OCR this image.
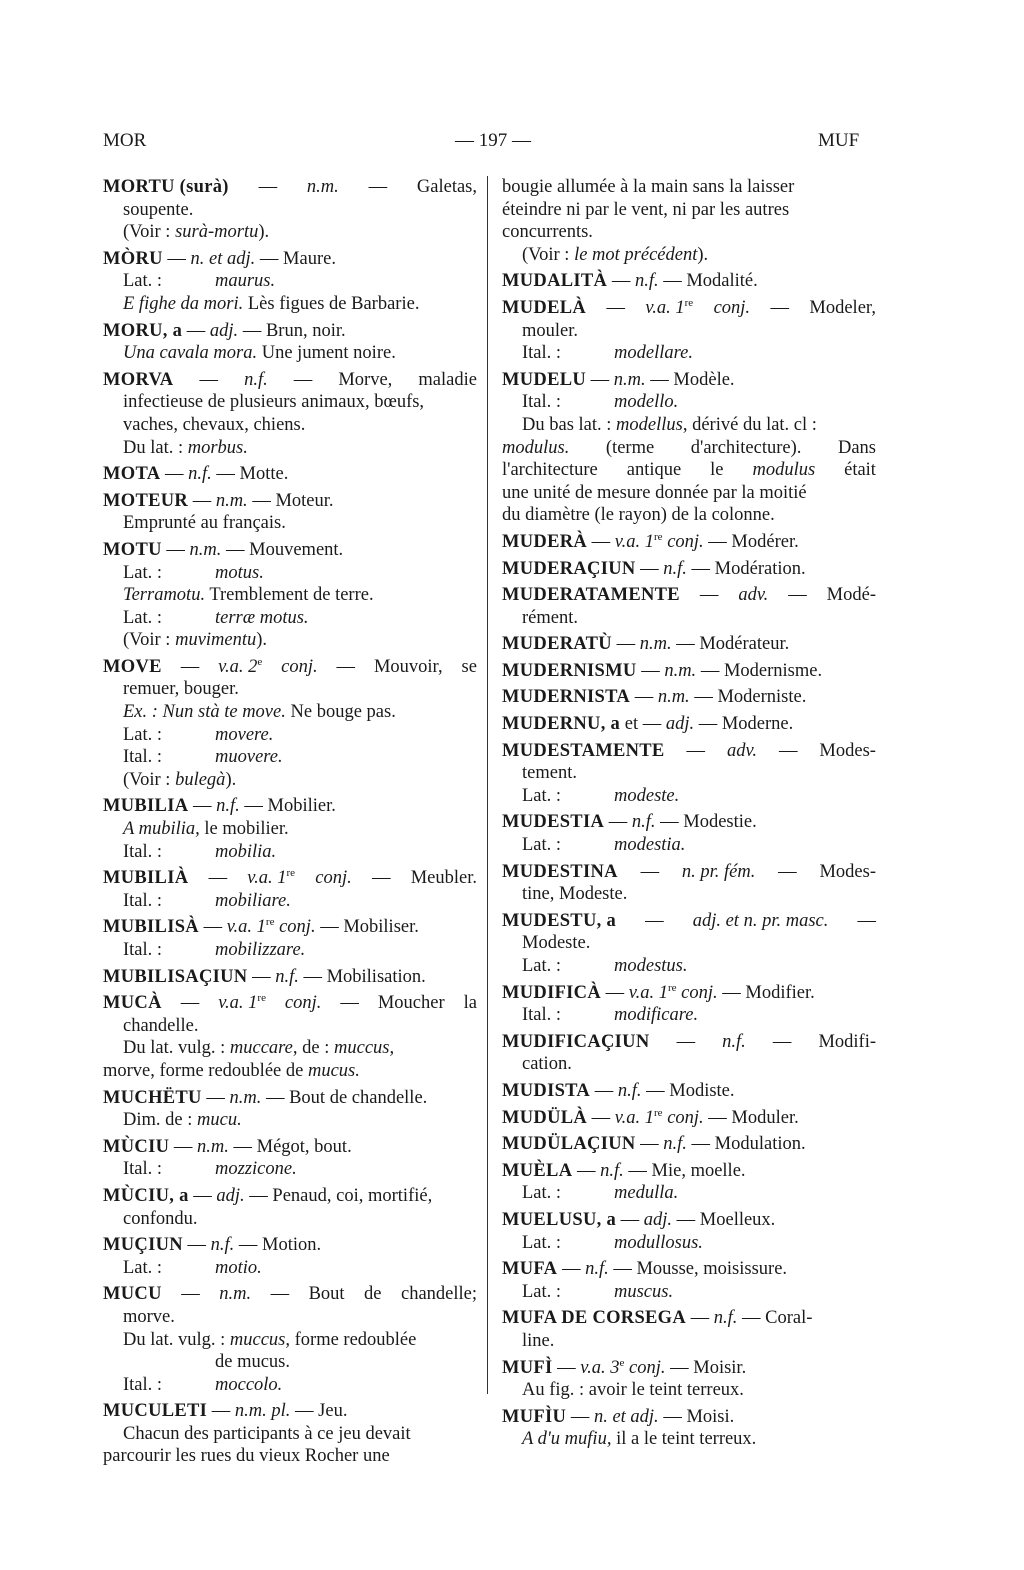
MOR	— 197 —	MUF
MORTU (surà) — n.m. — Galetas,
soupente.
(Voir : surà-mortu).
MÒRU — n. et adj. — Maure.
Lat. :	maurus.
E fighe da mori. Lès figues de Barbarie.
MORU, a — adj. — Brun, noir.
Una cavala mora. Une jument noire.
MORVA — n.f. — Morve, maladie
infectieuse de plusieurs animaux, bœufs,
vaches, chevaux, chiens.
Du lat. : morbus.
MOTA — n.f. — Motte.
MOTEUR — n.m. — Moteur.
Emprunté au français.
MOTU — n.m. — Mouvement.
Lat. :	motus.
Terramotu. Tremblement de terre.
Lat. :	terræ motus.
(Voir : muvimentu).
MOVE — v.a. 2e conj. — Mouvoir, se
remuer, bouger.
Ex. : Nun stà te move. Ne bouge pas.
Lat. :	movere.
Ital. :	muovere.
(Voir : bulegà).
MUBILIA — n.f. — Mobilier.
A mubilia, le mobilier.
Ital. :	mobilia.
MUBILIÀ — v.a. 1re conj. — Meubler.
Ital. :	mobiliare.
MUBILISÀ — v.a. 1re conj. — Mobiliser.
Ital. :	mobilizzare.
MUBILISAÇIUN — n.f. — Mobilisation.
MUCÀ — v.a. 1re conj. — Moucher la
chandelle.
Du lat. vulg. : muccare, de : muccus,
morve, forme redoublée de mucus.
MUCHËTU — n.m. — Bout de chandelle.
Dim. de : mucu.
MÙCIU — n.m. — Mégot, bout.
Ital. :	mozzicone.
MÙCIU, a — adj. — Penaud, coi, mortifié,
confondu.
MUÇIUN — n.f. — Motion.
Lat. :	motio.
MUCU — n.m. — Bout de chandelle;
morve.
Du lat. vulg. : muccus, forme redoublée
de mucus.
Ital. :	moccolo.
MUCULETI — n.m. pl. — Jeu.
Chacun des participants à ce jeu devait
parcourir les rues du vieux Rocher une
bougie allumée à la main sans la laisser
éteindre ni par le vent, ni par les autres
concurrents.
(Voir : le mot précédent).
MUDALITÀ — n.f. — Modalité.
MUDELÀ — v.a. 1re conj. — Modeler,
mouler.
Ital. :	modellare.
MUDELU — n.m. — Modèle.
Ital. :	modello.
Du bas lat. : modellus, dérivé du lat. cl :
modulus. (terme d'architecture). Dans
l'architecture antique le modulus était
une unité de mesure donnée par la moitié
du diamètre (le rayon) de la colonne.
MUDERÀ — v.a. 1re conj. — Modérer.
MUDERAÇIUN — n.f. — Modération.
MUDERATAMENTE — adv. — Modé-
rément.
MUDERATÙ — n.m. — Modérateur.
MUDERNISMU — n.m. — Modernisme.
MUDERNISTA — n.m. — Moderniste.
MUDERNU, a et — adj. — Moderne.
MUDESTAMENTE — adv. — Modes-
tement.
Lat. :	modeste.
MUDESTIA — n.f. — Modestie.
Lat. :	modestia.
MUDESTINA — n. pr. fém. — Modes-
tine, Modeste.
MUDESTU, a — adj. et n. pr. masc. —
Modeste.
Lat. :	modestus.
MUDIFICÀ — v.a. 1re conj. — Modifier.
Ital. :	modificare.
MUDIFICAÇIUN — n.f. — Modifi-
cation.
MUDISTA — n.f. — Modiste.
MUDÜLÀ — v.a. 1re conj. — Moduler.
MUDÜLAÇIUN — n.f. — Modulation.
MUÈLA — n.f. — Mie, moelle.
Lat. :	medulla.
MUELUSU, a — adj. — Moelleux.
Lat. :	modullosus.
MUFA — n.f. — Mousse, moisissure.
Lat. :	muscus.
MUFA DE CORSEGA — n.f. — Coral-
line.
MUFÌ — v.a. 3e conj. — Moisir.
Au fig. : avoir le teint terreux.
MUFÌU — n. et adj. — Moisi.
A d'u mufiu, il a le teint terreux.
